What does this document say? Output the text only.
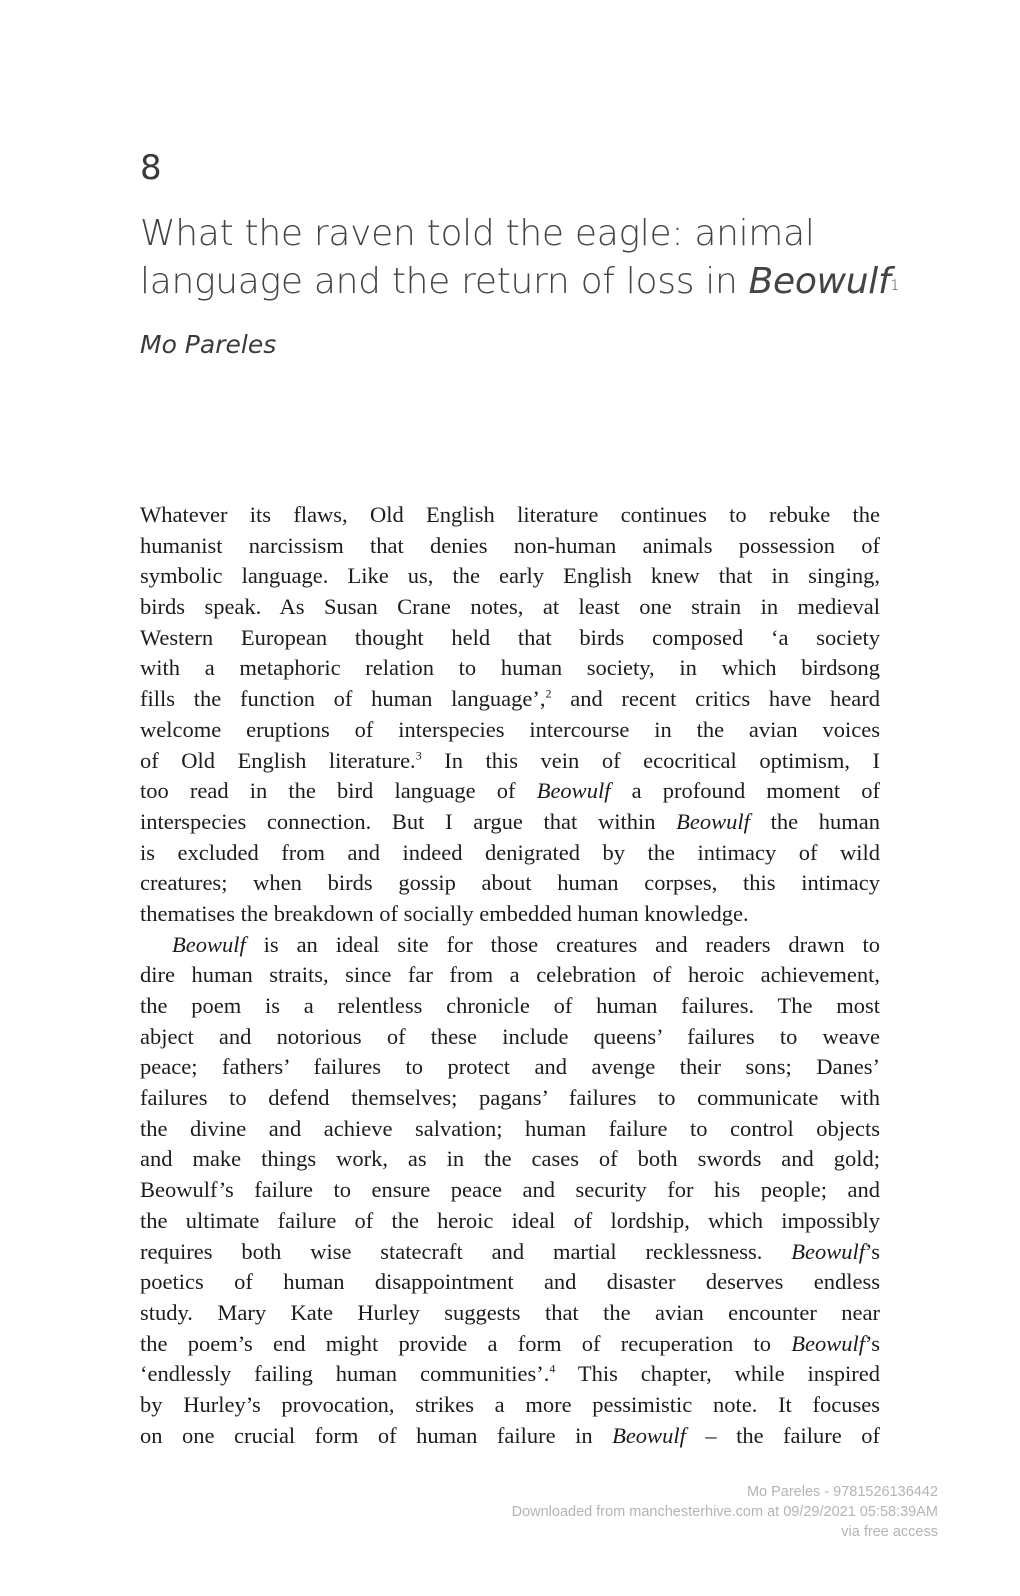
8
What the raven told the eagle: animal
language and the return of loss in Beowulf$^1$
Mo Pareles
Whatever its flaws, Old English literature continues to rebuke the
humanist narcissism that denies non-human animals possession of
symbolic language. Like us, the early English knew that in singing,
birds speak. As Susan Crane notes, at least one strain in medieval
Western European thought held that birds composed ‘a society
with a metaphoric relation to human society, in which birdsong
fills the function of human language’,$^2$ and recent critics have heard
welcome eruptions of interspecies intercourse in the avian voices
of Old English literature.$^3$ In this vein of ecocritical optimism, I
too read in the bird language of Beowulf a profound moment of
interspecies connection. But I argue that within Beowulf the human
is excluded from and indeed denigrated by the intimacy of wild
creatures; when birds gossip about human corpses, this intimacy
thematises the breakdown of socially embedded human knowledge.
Beowulf is an ideal site for those creatures and readers drawn to
dire human straits, since far from a celebration of heroic achievement,
the poem is a relentless chronicle of human failures. The most
abject and notorious of these include queens’ failures to weave
peace; fathers’ failures to protect and avenge their sons; Danes’
failures to defend themselves; pagans’ failures to communicate with
the divine and achieve salvation; human failure to control objects
and make things work, as in the cases of both swords and gold;
Beowulf’s failure to ensure peace and security for his people; and
the ultimate failure of the heroic ideal of lordship, which impossibly
requires both wise statecraft and martial recklessness. Beowulf’s
poetics of human disappointment and disaster deserves endless
study. Mary Kate Hurley suggests that the avian encounter near
the poem’s end might provide a form of recuperation to Beowulf’s
‘endlessly failing human communities’.$^4$ This chapter, while inspired
by Hurley’s provocation, strikes a more pessimistic note. It focuses
on one crucial form of human failure in Beowulf – the failure of
Mo Pareles - 9781526136442
Downloaded from manchesterhive.com at 09/29/2021 05:58:39AM
via free access
